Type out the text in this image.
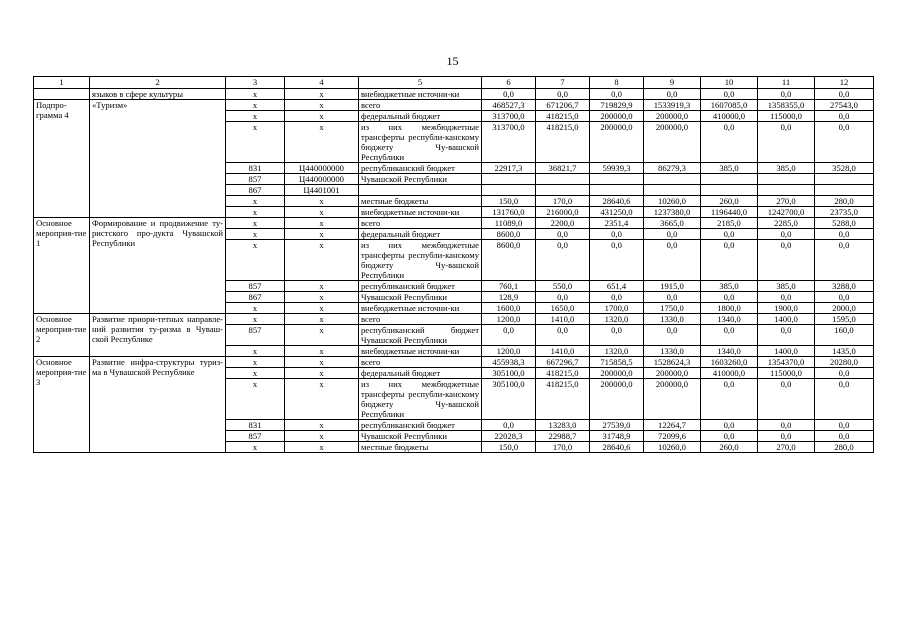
15
1	2	3	4	5	6	7	8	9	10	11	12
	языков в сфере культуры	х	х	внебюджетные источни-ки	0,0	0,0	0,0	0,0	0,0	0,0	0,0
Подпро-грамма 4	«Туризм»	х	х	всего	468527,3	671206,7	719829,9	1533919,3	1607085,0	1358355,0	27543,0
		х	х	федеральный бюджет	313700,0	418215,0	200000,0	200000,0	410000,0	115000,0	0,0
		х	х	из них межбюджетные трансферты республи-канскому бюджету Чу-вашской Республики	313700,0	418215,0	200000,0	200000,0	0,0	0,0	0,0
		831	Ц440000000	республиканский бюджет	22917,3	36821,7	59939,3	86279,3	385,0	385,0	3528,0
		857	Ц440000000	Чувашской Республики							
		867	Ц4401001								
		х	х	местные бюджеты	150,0	170,0	28640,6	10260,0	260,0	270,0	280,0
		х	х	внебюджетные источни-ки	131760,0	216000,0	431250,0	1237380,0	1196440,0	1242700,0	23735,0
Основное мероприя-тие 1	Формирование и продвижение ту-ристского про-дукта Чувашской Республики	х	х	всего	11089,0	2200,0	2351,4	3665,0	2185,0	2285,0	5288,0
		х	х	федеральный бюджет	8600,0	0,0	0,0	0,0	0,0	0,0	0,0
		х	х	из них межбюджетные трансферты республи-канскому бюджету Чу-вашской Республики	8600,0	0,0	0,0	0,0	0,0	0,0	0,0
		857	х	республиканский бюджет	760,1	550,0	651,4	1915,0	385,0	385,0	3288,0
		867	х	Чувашской Республики	128,9	0,0	0,0	0,0	0,0	0,0	0,0
		х	х	внебюджетные источни-ки	1600,0	1650,0	1700,0	1750,0	1800,0	1900,0	2000,0
Основное мероприя-тие 2	Развитие приори-тетных направле-ний развития ту-ризма в Чуваш-ской Республике	х	х	всего	1200,0	1410,0	1320,0	1330,0	1340,0	1400,0	1595,0
		857	х	республиканский бюджет Чувашской Республики	0,0	0,0	0,0	0,0	0,0	0,0	160,0
		х	х	внебюджетные источни-ки	1200,0	1410,0	1320,0	1330,0	1340,0	1400,0	1435,0
Основное мероприя-тие 3	Развитие инфра-структуры туриз-ма в Чувашской Республике	х	х	всего	455938,3	667296,7	715858,5	1528624,3	1603260,0	1354370,0	20280,0
		х	х	федеральный бюджет	305100,0	418215,0	200000,0	200000,0	410000,0	115000,0	0,0
		х	х	из них межбюджетные трансферты республи-канскому бюджету Чу-вашской Республики	305100,0	418215,0	200000,0	200000,0	0,0	0,0	0,0
		831	х	республиканский бюджет	0,0	13283,0	27539,0	12264,7	0,0	0,0	0,0
		857	х	Чувашской Республики	22028,3	22988,7	31748,9	72099,6	0,0	0,0	0,0
		х	х	местные бюджеты	150,0	170,0	28640,6	10260,0	260,0	270,0	280,0
